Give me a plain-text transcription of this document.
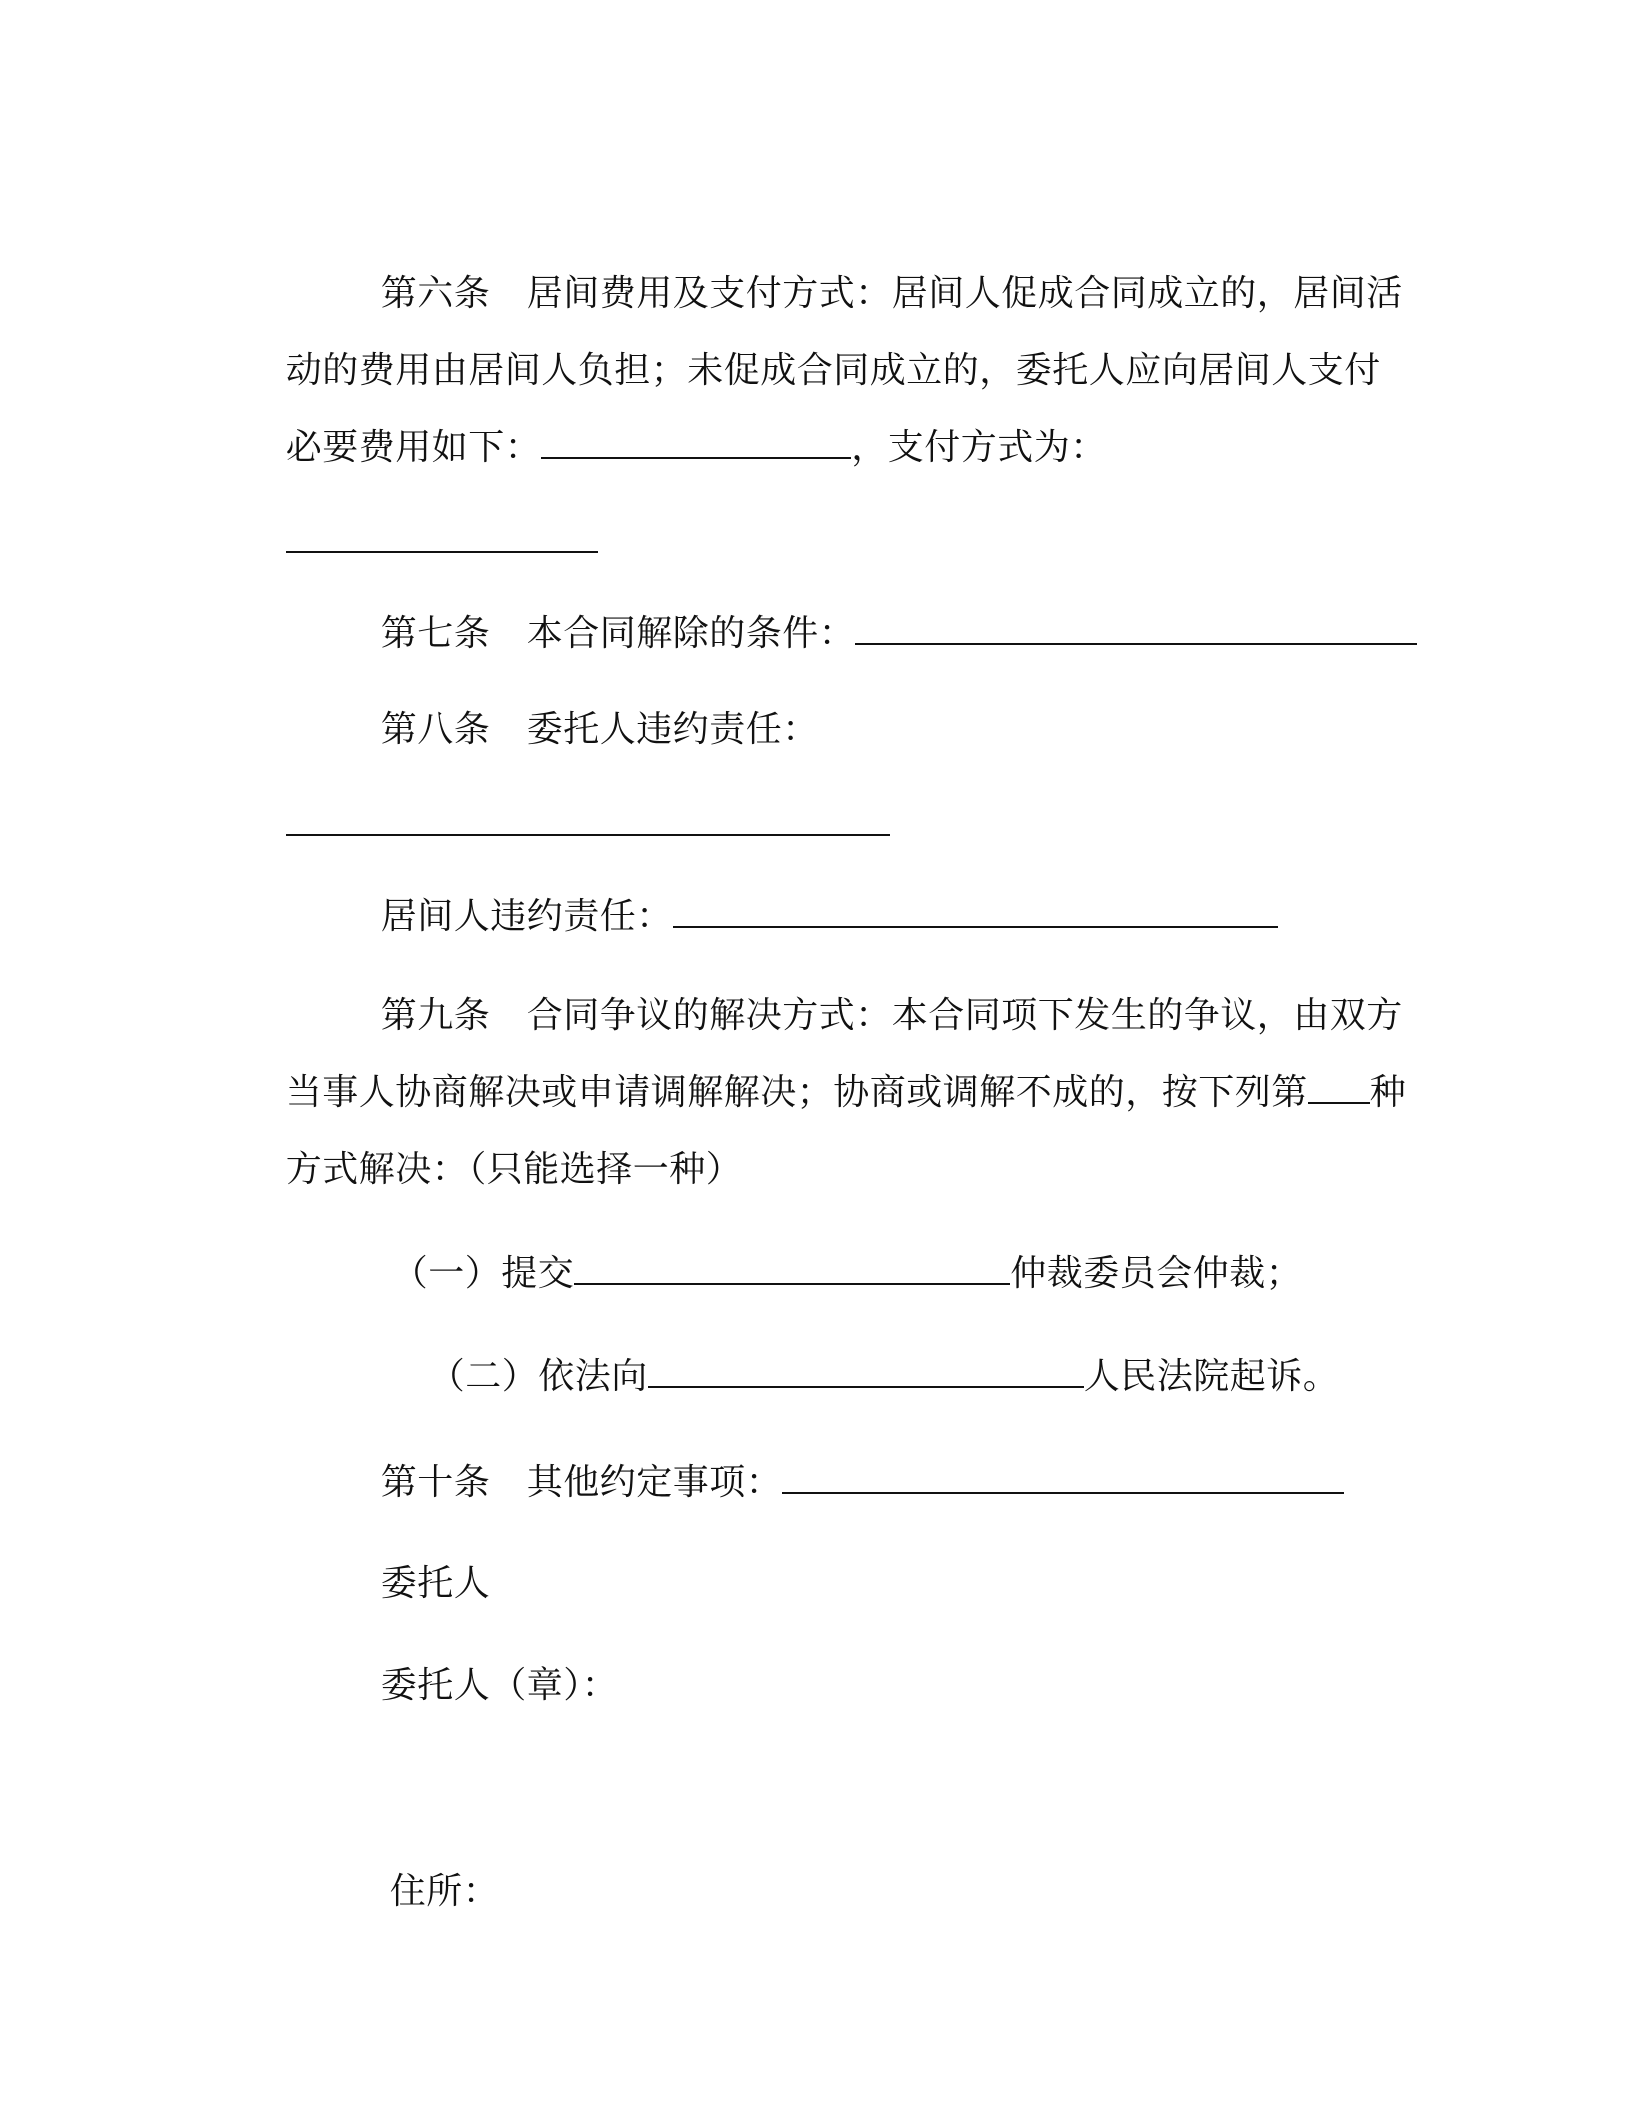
第六条　居间费用及支付方式：居间人促成合同成立的，居间活

动的费用由居间人负担；未促成合同成立的，委托人应向居间人支付

必要费用如下：	，支付方式为：

第七条　本合同解除的条件：

第八条　委托人违约责任：

居间人违约责任：

第九条　合同争议的解决方式：本合同项下发生的争议，由双方

当事人协商解决或申请调解解决；协商或调解不成的，按下列第 种

方式解决：（只能选择一种）

（一）提交	仲裁委员会仲裁；

（二）依法向	人民法院起诉。

第十条　其他约定事项：

委托人

委托人（章）：

住所：
